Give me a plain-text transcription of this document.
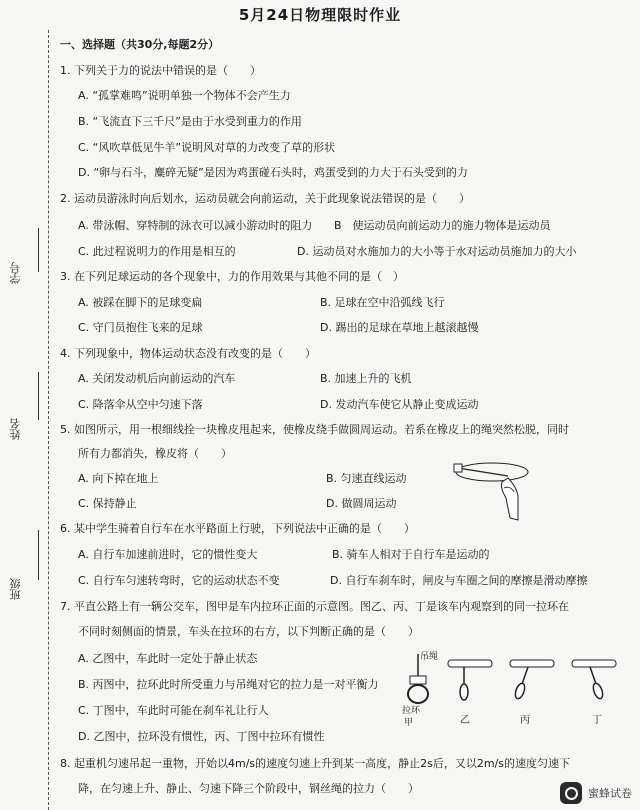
5月24日物理限时作业
学号
姓名
班级
一、选择题（共30分,每题2分）
1. 下列关于力的说法中错误的是（　　）
A. “孤掌难鸣”说明单独一个物体不会产生力
B. “飞流直下三千尺”是由于水受到重力的作用
C. “风吹草低见牛羊”说明风对草的力改变了草的形状
D. “卵与石斗，麋碎无疑”是因为鸡蛋碰石头时，鸡蛋受到的力大于石头受到的力
2. 运动员游泳时向后划水，运动员就会向前运动，关于此现象说法错误的是（　　）
A. 带泳帽、穿特制的泳衣可以减小游动时的阻力 B　使运动员向前运动力的施力物体是运动员
C. 此过程说明力的作用是相互的	D. 运动员对水施加力的大小等于水对运动员施加力的大小
3. 在下列足球运动的各个现象中，力的作用效果与其他不同的是（　）
A. 被踩在脚下的足球变扁	B. 足球在空中沿弧线飞行
C. 守门员抱住飞来的足球	D. 踢出的足球在草地上越滚越慢
4. 下列现象中，物体运动状态没有改变的是（　　）
A. 关闭发动机后向前运动的汽车	B. 加速上升的飞机
C. 降落伞从空中匀速下落	D. 发动汽车使它从静止变成运动
5. 如图所示，用一根细线拴一块橡皮甩起来，使橡皮绕手做圆周运动。若系在橡皮上的绳突然松脱，同时
所有力都消失，橡皮将（　　）
A. 向下掉在地上	B. 匀速直线运动
C. 保持静止	D. 做圆周运动
6. 某中学生骑着自行车在水平路面上行驶，下列说法中正确的是（　　）
A. 自行车加速前进时，它的惯性变大	B. 骑车人相对于自行车是运动的
C. 自行车匀速转弯时，它的运动状态不变	D. 自行车刹车时，闸皮与车圈之间的摩擦是滑动摩擦
7. 平直公路上有一辆公交车，图甲是车内拉环正面的示意图。图乙、丙、丁是该车内观察到的同一拉环在
不同时刻侧面的情景，车头在拉环的右方，以下判断正确的是（　　）
A. 乙图中，车此时一定处于静止状态
B. 丙图中，拉环此时所受重力与吊绳对它的拉力是一对平衡力
C. 丁图中，车此时可能在刹车礼让行人
D. 乙图中，拉环没有惯性，丙、丁图中拉环有惯性
吊绳
拉环
甲	乙	丙	丁
8. 起重机匀速吊起一重物，开始以4m/s的速度匀速上升到某一高度，静止2s后，又以2m/s的速度匀速下
降，在匀速上升、静止、匀速下降三个阶段中，钢丝绳的拉力（　　）	蜜蜂试卷
